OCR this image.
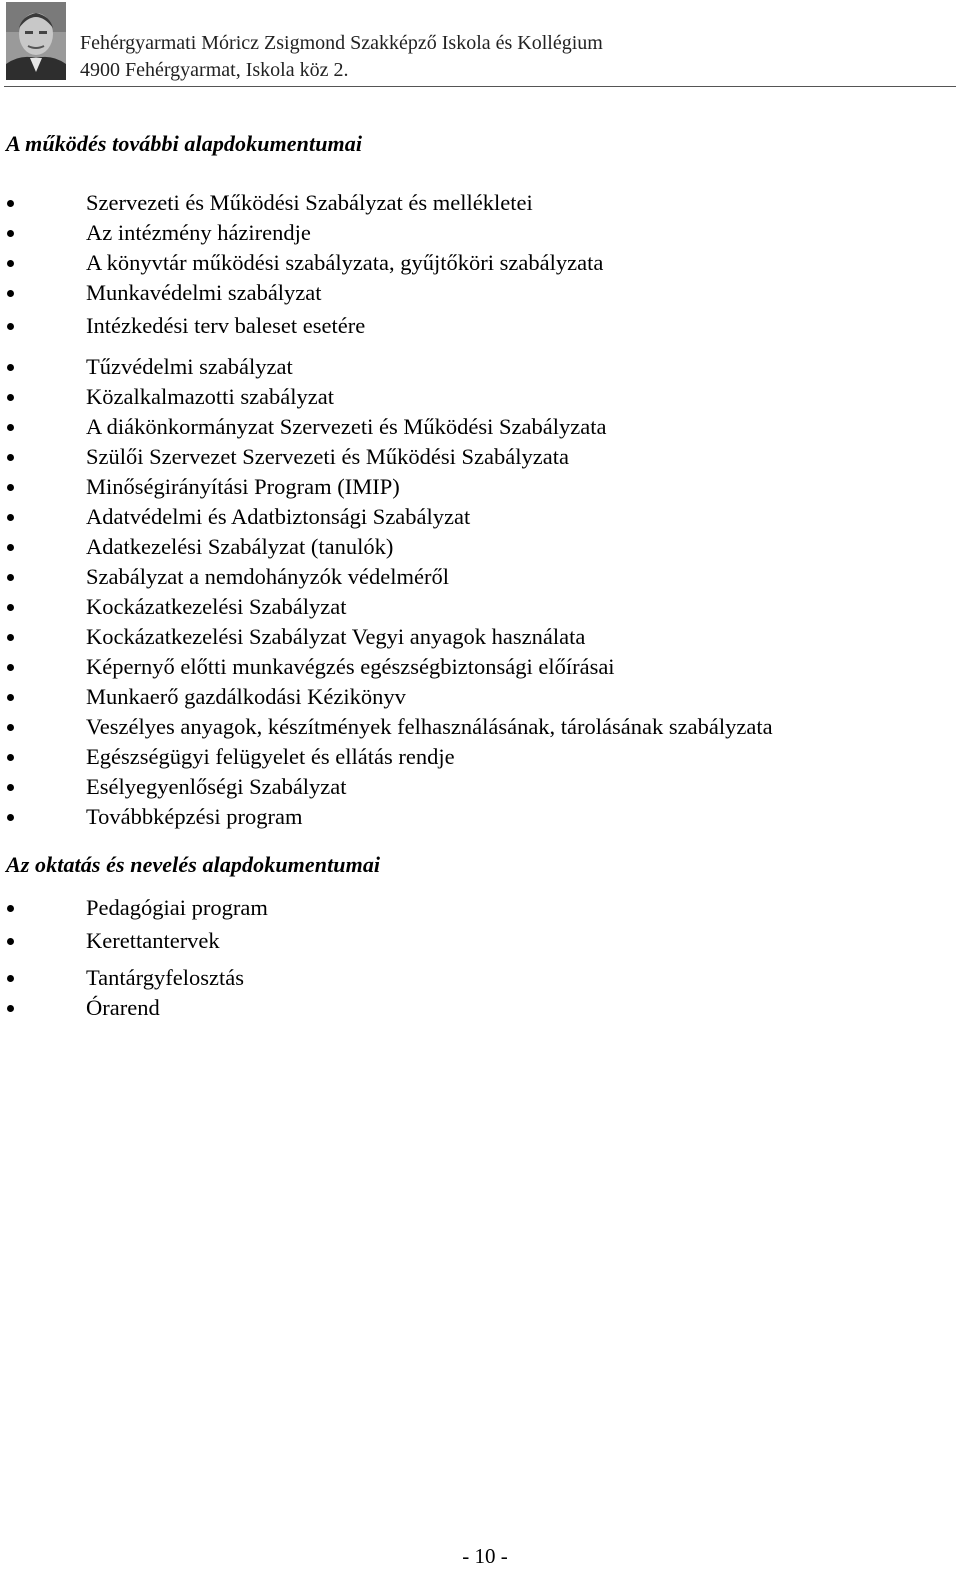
Fehérgyarmati Móricz Zsigmond Szakképző Iskola és Kollégium
4900 Fehérgyarmat, Iskola köz 2.
A működés további alapdokumentumai
Szervezeti és Működési Szabályzat és mellékletei
Az intézmény házirendje
A könyvtár működési szabályzata, gyűjtőköri szabályzata
Munkavédelmi szabályzat
Intézkedési terv baleset esetére
Tűzvédelmi szabályzat
Közalkalmazotti szabályzat
A diákönkormányzat Szervezeti és Működési Szabályzata
Szülői Szervezet Szervezeti és Működési Szabályzata
Minőségirányítási Program (IMIP)
Adatvédelmi és Adatbiztonsági Szabályzat
Adatkezelési Szabályzat (tanulók)
Szabályzat a nemdohányzók védelméről
Kockázatkezelési Szabályzat
Kockázatkezelési Szabályzat Vegyi anyagok használata
Képernyő előtti munkavégzés egészségbiztonsági előírásai
Munkaerő gazdálkodási Kézikönyv
Veszélyes anyagok, készítmények felhasználásának, tárolásának szabályzata
Egészségügyi felügyelet és ellátás rendje
Esélyegyenlőségi Szabályzat
Továbbképzési program
Az oktatás és nevelés alapdokumentumai
Pedagógiai program
Kerettantervek
Tantárgyfelosztás
Órarend
- 10 -
